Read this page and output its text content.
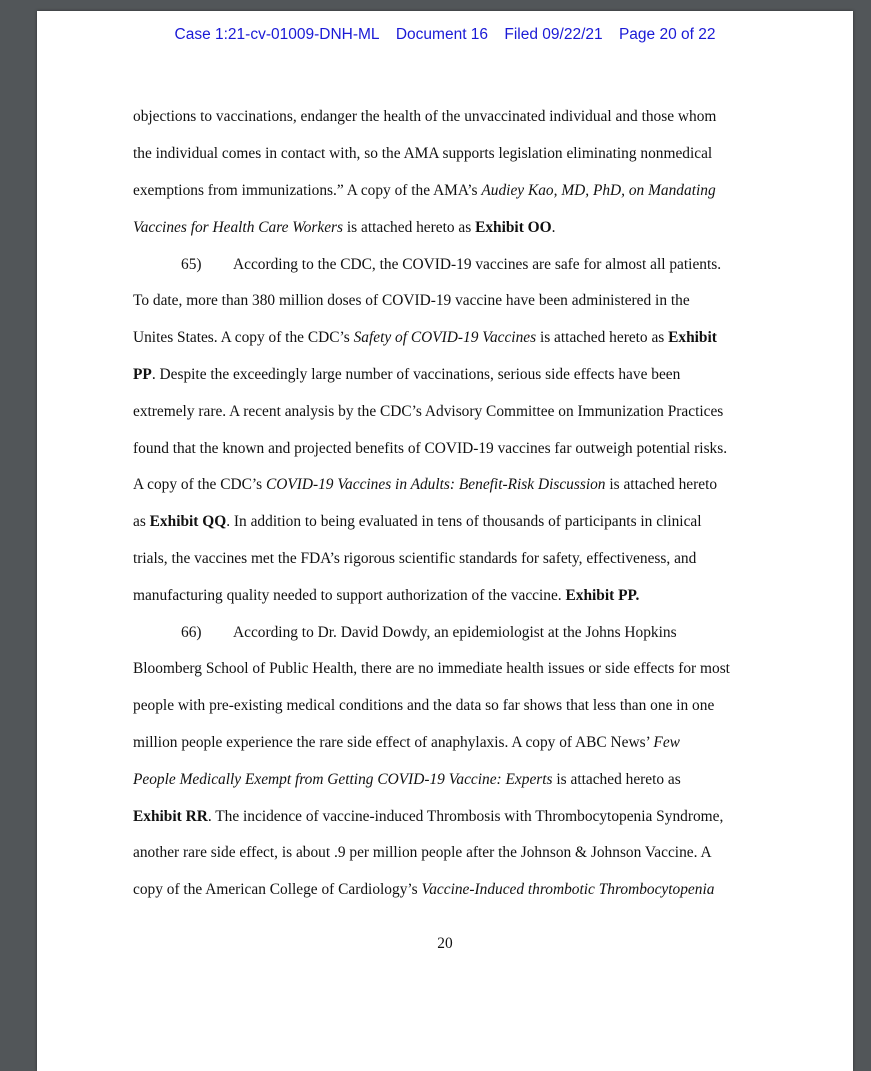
Case 1:21-cv-01009-DNH-ML Document 16 Filed 09/22/21 Page 20 of 22
objections to vaccinations, endanger the health of the unvaccinated individual and those whom
the individual comes in contact with, so the AMA supports legislation eliminating nonmedical
exemptions from immunizations.” A copy of the AMA’s Audiey Kao, MD, PhD, on Mandating
Vaccines for Health Care Workers is attached hereto as Exhibit OO.
65) According to the CDC, the COVID-19 vaccines are safe for almost all patients.
To date, more than 380 million doses of COVID-19 vaccine have been administered in the
Unites States. A copy of the CDC’s Safety of COVID-19 Vaccines is attached hereto as Exhibit
PP. Despite the exceedingly large number of vaccinations, serious side effects have been
extremely rare. A recent analysis by the CDC’s Advisory Committee on Immunization Practices
found that the known and projected benefits of COVID-19 vaccines far outweigh potential risks.
A copy of the CDC’s COVID-19 Vaccines in Adults: Benefit-Risk Discussion is attached hereto
as Exhibit QQ. In addition to being evaluated in tens of thousands of participants in clinical
trials, the vaccines met the FDA’s rigorous scientific standards for safety, effectiveness, and
manufacturing quality needed to support authorization of the vaccine. Exhibit PP.
66) According to Dr. David Dowdy, an epidemiologist at the Johns Hopkins
Bloomberg School of Public Health, there are no immediate health issues or side effects for most
people with pre-existing medical conditions and the data so far shows that less than one in one
million people experience the rare side effect of anaphylaxis. A copy of ABC News’ Few
People Medically Exempt from Getting COVID-19 Vaccine: Experts is attached hereto as
Exhibit RR. The incidence of vaccine-induced Thrombosis with Thrombocytopenia Syndrome,
another rare side effect, is about .9 per million people after the Johnson & Johnson Vaccine. A
copy of the American College of Cardiology’s Vaccine-Induced thrombotic Thrombocytopenia
20
